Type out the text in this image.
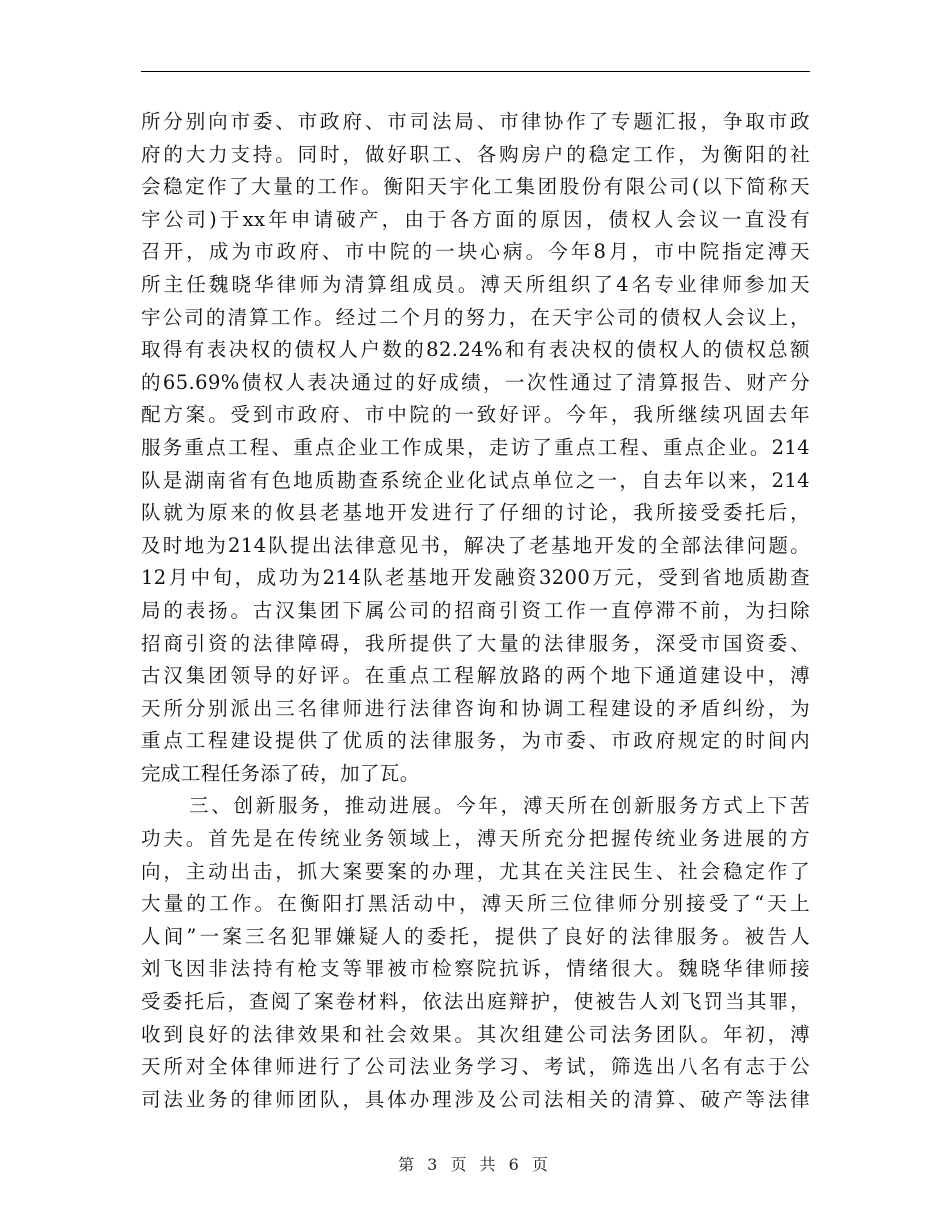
所分别向市委、市政府、市司法局、市律协作了专题汇报，争取市政
府的大力支持。同时，做好职工、各购房户的稳定工作，为衡阳的社
会稳定作了大量的工作。衡阳天宇化工集团股份有限公司(以下简称天
宇公司)于xx年申请破产，由于各方面的原因，债权人会议一直没有
召开，成为市政府、市中院的一块心病。今年8月，市中院指定溥天
所主任魏晓华律师为清算组成员。溥天所组织了4名专业律师参加天
宇公司的清算工作。经过二个月的努力，在天宇公司的债权人会议上，
取得有表决权的债权人户数的82.24%和有表决权的债权人的债权总额
的65.69%债权人表决通过的好成绩，一次性通过了清算报告、财产分
配方案。受到市政府、市中院的一致好评。今年，我所继续巩固去年
服务重点工程、重点企业工作成果，走访了重点工程、重点企业。214
队是湖南省有色地质勘查系统企业化试点单位之一，自去年以来，214
队就为原来的攸县老基地开发进行了仔细的讨论，我所接受委托后，
及时地为214队提出法律意见书，解决了老基地开发的全部法律问题。
12月中旬，成功为214队老基地开发融资3200万元，受到省地质勘查
局的表扬。古汉集团下属公司的招商引资工作一直停滞不前，为扫除
招商引资的法律障碍，我所提供了大量的法律服务，深受市国资委、
古汉集团领导的好评。在重点工程解放路的两个地下通道建设中，溥
天所分别派出三名律师进行法律咨询和协调工程建设的矛盾纠纷，为
重点工程建设提供了优质的法律服务，为市委、市政府规定的时间内
完成工程任务添了砖，加了瓦。
三、创新服务，推动进展。今年，溥天所在创新服务方式上下苦
功夫。首先是在传统业务领域上，溥天所充分把握传统业务进展的方
向，主动出击，抓大案要案的办理，尤其在关注民生、社会稳定作了
大量的工作。在衡阳打黑活动中，溥天所三位律师分别接受了“天上
人间”一案三名犯罪嫌疑人的委托，提供了良好的法律服务。被告人
刘飞因非法持有枪支等罪被市检察院抗诉，情绪很大。魏晓华律师接
受委托后，查阅了案卷材料，依法出庭辩护，使被告人刘飞罚当其罪，
收到良好的法律效果和社会效果。其次组建公司法务团队。年初，溥
天所对全体律师进行了公司法业务学习、考试，筛选出八名有志于公
司法业务的律师团队，具体办理涉及公司法相关的清算、破产等法律
第 3 页 共 6 页
